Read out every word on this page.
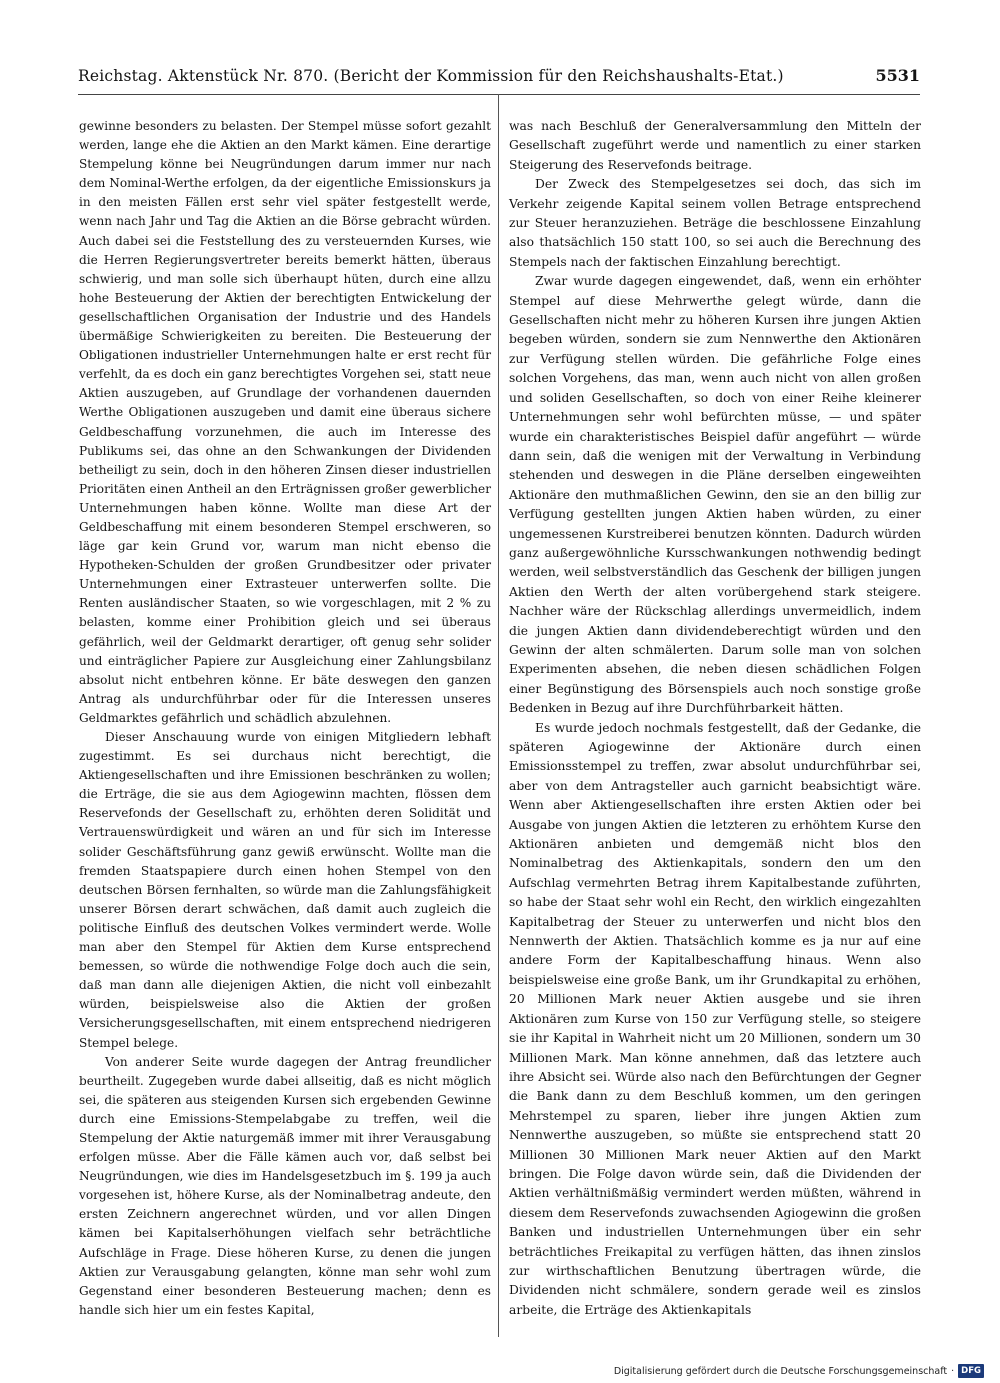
Reichstag. Aktenstück Nr. 870. (Bericht der Kommission für den Reichshaushalts-Etat.)	5531

gewinne besonders zu belasten. Der Stempel müsse sofort gezahlt werden, lange ehe die Aktien an den Markt kämen. Eine derartige Stempelung könne bei Neugründungen darum immer nur nach dem Nominal-Werthe erfolgen, da der eigentliche Emissionskurs ja in den meisten Fällen erst sehr viel später festgestellt werde, wenn nach Jahr und Tag die Aktien an die Börse gebracht würden. Auch dabei sei die Feststellung des zu versteuernden Kurses, wie die Herren Regierungsvertreter bereits bemerkt hätten, überaus schwierig, und man solle sich überhaupt hüten, durch eine allzu hohe Besteuerung der Aktien der berechtigten Entwickelung der gesellschaftlichen Organisation der Industrie und des Handels übermäßige Schwierigkeiten zu bereiten. Die Besteuerung der Obligationen industrieller Unternehmungen halte er erst recht für verfehlt, da es doch ein ganz berechtigtes Vorgehen sei, statt neue Aktien auszugeben, auf Grundlage der vorhandenen dauernden Werthe Obligationen auszugeben und damit eine überaus sichere Geldbeschaffung vorzunehmen, die auch im Interesse des Publikums sei, das ohne an den Schwankungen der Dividenden betheiligt zu sein, doch in den höheren Zinsen dieser industriellen Prioritäten einen Antheil an den Erträgnissen großer gewerblicher Unternehmungen haben könne. Wollte man diese Art der Geldbeschaffung mit einem besonderen Stempel erschweren, so läge gar kein Grund vor, warum man nicht ebenso die Hypotheken-Schulden der großen Grundbesitzer oder privater Unternehmungen einer Extrasteuer unterwerfen sollte. Die Renten ausländischer Staaten, so wie vorgeschlagen, mit 2 % zu belasten, komme einer Prohibition gleich und sei überaus gefährlich, weil der Geldmarkt derartiger, oft genug sehr solider und einträglicher Papiere zur Ausgleichung einer Zahlungsbilanz absolut nicht entbehren könne. Er bäte deswegen den ganzen Antrag als undurchführbar oder für die Interessen unseres Geldmarktes gefährlich und schädlich abzulehnen.

Dieser Anschauung wurde von einigen Mitgliedern lebhaft zugestimmt. Es sei durchaus nicht berechtigt, die Aktiengesellschaften und ihre Emissionen beschränken zu wollen; die Erträge, die sie aus dem Agiogewinn machten, flössen dem Reservefonds der Gesellschaft zu, erhöhten deren Solidität und Vertrauenswürdigkeit und wären an und für sich im Interesse solider Geschäftsführung ganz gewiß erwünscht. Wollte man die fremden Staatspapiere durch einen hohen Stempel von den deutschen Börsen fernhalten, so würde man die Zahlungsfähigkeit unserer Börsen derart schwächen, daß damit auch zugleich die politische Einfluß des deutschen Volkes vermindert werde. Wolle man aber den Stempel für Aktien dem Kurse entsprechend bemessen, so würde die nothwendige Folge doch auch die sein, daß man dann alle diejenigen Aktien, die nicht voll einbezahlt würden, beispielsweise also die Aktien der großen Versicherungsgesellschaften, mit einem entsprechend niedrigeren Stempel belege.

Von anderer Seite wurde dagegen der Antrag freundlicher beurtheilt. Zugegeben wurde dabei allseitig, daß es nicht möglich sei, die späteren aus steigenden Kursen sich ergebenden Gewinne durch eine Emissions-Stempelabgabe zu treffen, weil die Stempelung der Aktie naturgemäß immer mit ihrer Verausgabung erfolgen müsse. Aber die Fälle kämen auch vor, daß selbst bei Neugründungen, wie dies im Handelsgesetzbuch im §. 199 ja auch vorgesehen ist, höhere Kurse, als der Nominalbetrag andeute, den ersten Zeichnern angerechnet würden, und vor allen Dingen kämen bei Kapitalserhöhungen vielfach sehr beträchtliche Aufschläge in Frage. Diese höheren Kurse, zu denen die jungen Aktien zur Verausgabung gelangten, könne man sehr wohl zum Gegenstand einer besonderen Besteuerung machen; denn es handle sich hier um ein festes Kapital,

was nach Beschluß der Generalversammlung den Mitteln der Gesellschaft zugeführt werde und namentlich zu einer starken Steigerung des Reservefonds beitrage.

Der Zweck des Stempelgesetzes sei doch, das sich im Verkehr zeigende Kapital seinem vollen Betrage entsprechend zur Steuer heranzuziehen. Beträge die beschlossene Einzahlung also thatsächlich 150 statt 100, so sei auch die Berechnung des Stempels nach der faktischen Einzahlung berechtigt.

Zwar wurde dagegen eingewendet, daß, wenn ein erhöhter Stempel auf diese Mehrwerthe gelegt würde, dann die Gesellschaften nicht mehr zu höheren Kursen ihre jungen Aktien begeben würden, sondern sie zum Nennwerthe den Aktionären zur Verfügung stellen würden. Die gefährliche Folge eines solchen Vorgehens, das man, wenn auch nicht von allen großen und soliden Gesellschaften, so doch von einer Reihe kleinerer Unternehmungen sehr wohl befürchten müsse, — und später wurde ein charakteristisches Beispiel dafür angeführt — würde dann sein, daß die wenigen mit der Verwaltung in Verbindung stehenden und deswegen in die Pläne derselben eingeweihten Aktionäre den muthmaßlichen Gewinn, den sie an den billig zur Verfügung gestellten jungen Aktien haben würden, zu einer ungemessenen Kurstreiberei benutzen könnten. Dadurch würden ganz außergewöhnliche Kursschwankungen nothwendig bedingt werden, weil selbstverständlich das Geschenk der billigen jungen Aktien den Werth der alten vorübergehend stark steigere. Nachher wäre der Rückschlag allerdings unvermeidlich, indem die jungen Aktien dann dividendeberechtigt würden und den Gewinn der alten schmälerten. Darum solle man von solchen Experimenten absehen, die neben diesen schädlichen Folgen einer Begünstigung des Börsenspiels auch noch sonstige große Bedenken in Bezug auf ihre Durchführbarkeit hätten.

Es wurde jedoch nochmals festgestellt, daß der Gedanke, die späteren Agiogewinne der Aktionäre durch einen Emissionsstempel zu treffen, zwar absolut undurchführbar sei, aber von dem Antragsteller auch garnicht beabsichtigt wäre. Wenn aber Aktiengesellschaften ihre ersten Aktien oder bei Ausgabe von jungen Aktien die letzteren zu erhöhtem Kurse den Aktionären anbieten und demgemäß nicht blos den Nominalbetrag des Aktienkapitals, sondern den um den Aufschlag vermehrten Betrag ihrem Kapitalbestande zuführten, so habe der Staat sehr wohl ein Recht, den wirklich eingezahlten Kapitalbetrag der Steuer zu unterwerfen und nicht blos den Nennwerth der Aktien. Thatsächlich komme es ja nur auf eine andere Form der Kapitalbeschaffung hinaus. Wenn also beispielsweise eine große Bank, um ihr Grundkapital zu erhöhen, 20 Millionen Mark neuer Aktien ausgebe und sie ihren Aktionären zum Kurse von 150 zur Verfügung stelle, so steigere sie ihr Kapital in Wahrheit nicht um 20 Millionen, sondern um 30 Millionen Mark. Man könne annehmen, daß das letztere auch ihre Absicht sei. Würde also nach den Befürchtungen der Gegner die Bank dann zu dem Beschluß kommen, um den geringen Mehrstempel zu sparen, lieber ihre jungen Aktien zum Nennwerthe auszugeben, so müßte sie entsprechend statt 20 Millionen 30 Millionen Mark neuer Aktien auf den Markt bringen. Die Folge davon würde sein, daß die Dividenden der Aktien verhältnißmäßig vermindert werden müßten, während in diesem dem Reservefonds zuwachsenden Agiogewinn die großen Banken und industriellen Unternehmungen über ein sehr beträchtliches Freikapital zu verfügen hätten, das ihnen zinslos zur wirthschaftlichen Benutzung übertragen würde, die Dividenden nicht schmälere, sondern gerade weil es zinslos arbeite, die Erträge des Aktienkapitals

Digitalisierung gefördert durch die Deutsche Forschungsgemeinschaft · DFG
